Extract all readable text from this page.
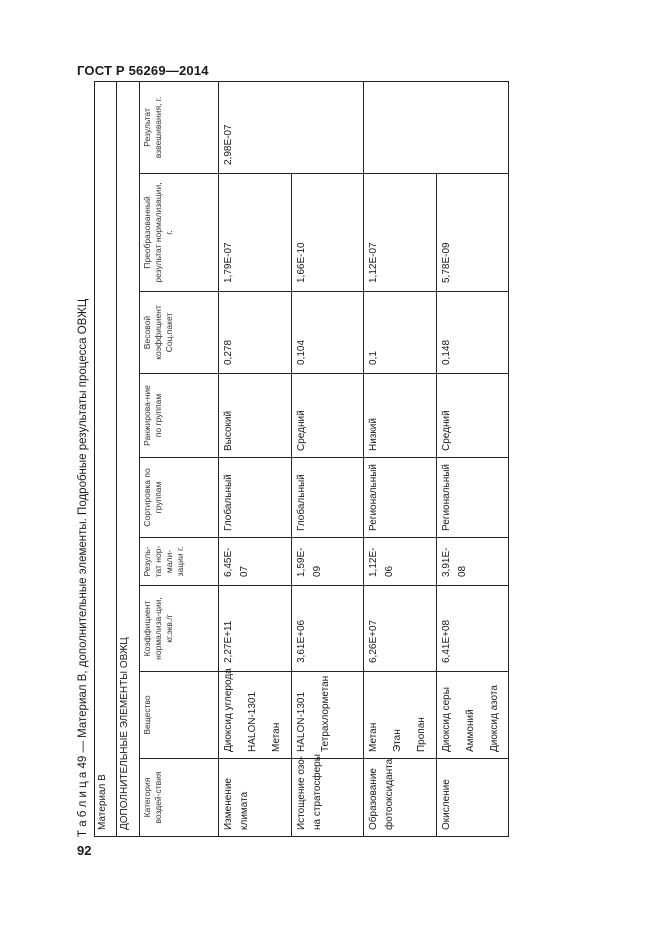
ГОСТ Р 56269—2014
Т а б л и ц а 49 — Материал В, дополнительные элементы. Подробные результаты процесса ОВЖЦ Материал В								
ДОПОЛНИТЕЛЬНЫЕ ЭЛЕМЕНТЫ ОВЖЦ								
Категория воздей-ствия	Вещество	Коэффициент нормализа-ции, кг.экв./г	Резуль-тат нор-мали-зации г.	Сортировка по группам	Ранжирова-ние по группам	Весовой коэффициент Соц.пакет	Преобразованный результат нормализации, г.	Результат взвешивания, г.

Изменение климата	Диоксид углерода HALON-1301 Метан	2,27E+11	6,45E-07	Глобальный	Высокий	0,278	1,79E-07	2,98E-07

Истощение озо- на стратосферы	HALON-1301 Тетрахлорметан	3,61E+06	1,59E-09	Глобальный	Средний	0,104	1,66E-10	

Образование фотооксиданта	Метан Этан Пропан	6,26E+07	1,12E-06	Региональный	Низкий	0,1	1,12E-07	

Окисление	Диоксид серы Аммоний Диоксид азота	6,41E+08	3,91E-08	Региональный	Средний	0,148	5,78E-09	
92
